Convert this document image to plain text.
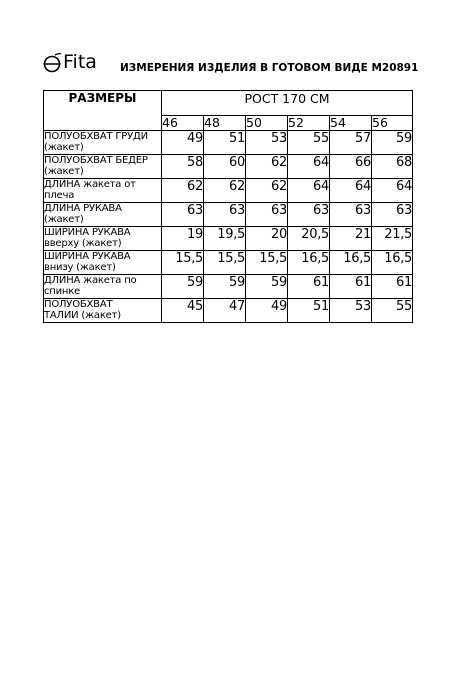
Fita ИЗМЕРЕНИЯ ИЗДЕЛИЯ В ГОТОВОМ ВИДЕ М20891
РАЗМЕРЫ	РОСТ 170 СМ					
	46	48	50	52	54	56

ПОЛУОБХВАТ ГРУДИ
(жакет)	49	51	53	55	57	59

ПОЛУОБХВАТ БЕДЕР
(жакет)	58	60	62	64	66	68

ДЛИНА жакета от
плеча	62	62	62	64	64	64

ДЛИНА РУКАВА
(жакет)	63	63	63	63	63	63

ШИРИНА РУКАВА
вверху (жакет)	19	19,5	20	20,5	21	21,5

ШИРИНА РУКАВА
внизу (жакет)	15,5	15,5	15,5	16,5	16,5	16,5

ДЛИНА жакета по
спинке	59	59	59	61	61	61

ПОЛУОБХВАТ
ТАЛИИ (жакет)	45	47	49	51	53	55
